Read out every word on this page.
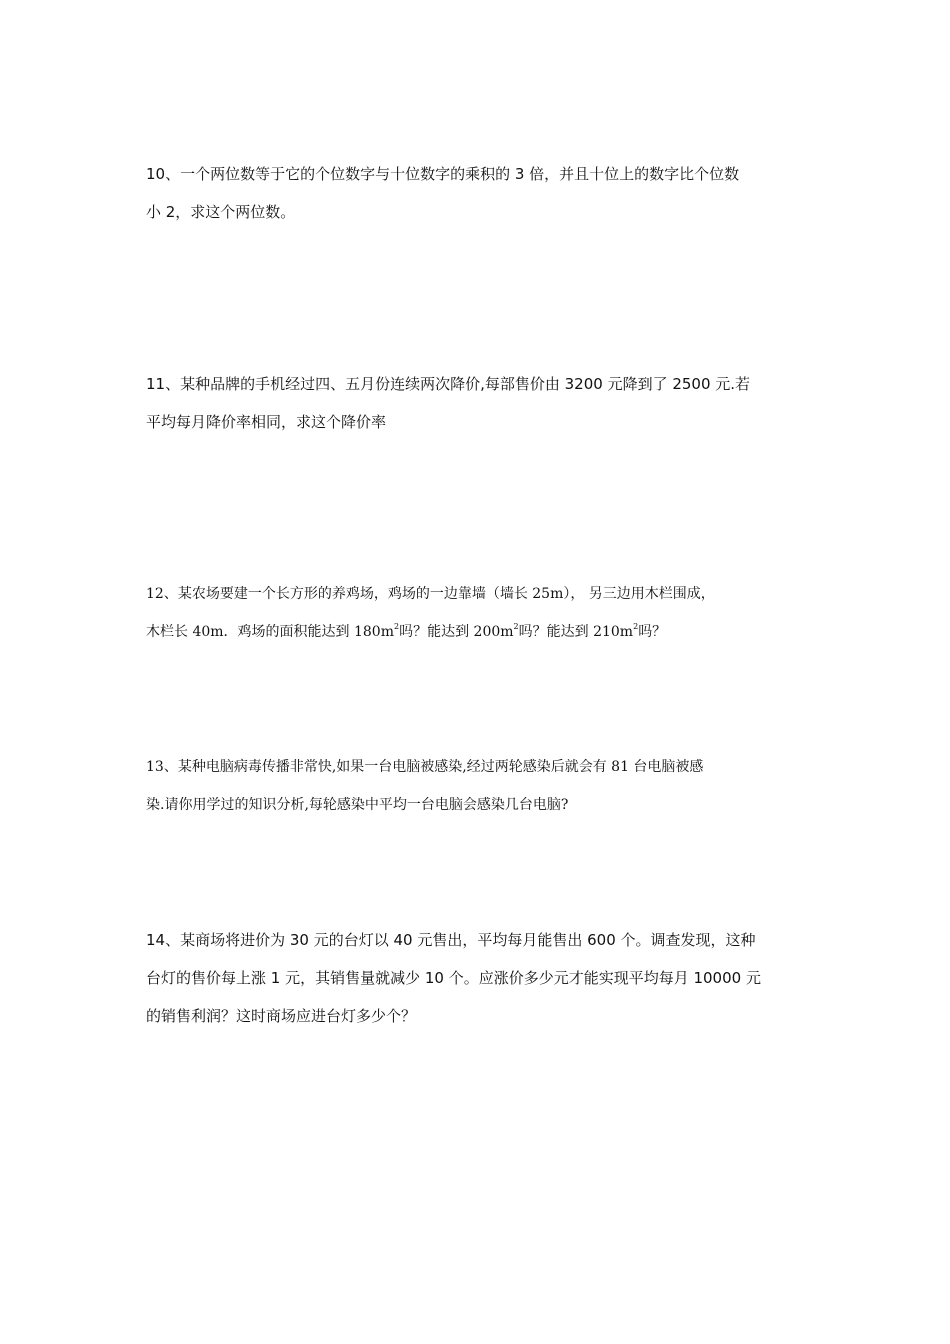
10、一个两位数等于它的个位数字与十位数字的乘积的 3 倍，并且十位上的数字比个位数
小 2，求这个两位数。
11、某种品牌的手机经过四、五月份连续两次降价,每部售价由 3200 元降到了 2500 元.若
平均每月降价率相同，求这个降价率
12、某农场要建一个长方形的养鸡场，鸡场的一边靠墙（墙长 25m）， 另三边用木栏围成，
木栏长 40m．鸡场的面积能达到 $180m^2$吗？能达到 $200m^2$吗？能达到 $210m^2$吗？
13、某种电脑病毒传播非常快,如果一台电脑被感染,经过两轮感染后就会有 81 台电脑被感
染.请你用学过的知识分析,每轮感染中平均一台电脑会感染几台电脑?
14、某商场将进价为 30 元的台灯以 40 元售出，平均每月能售出 600 个。调查发现，这种
台灯的售价每上涨 1 元，其销售量就减少 10 个。应涨价多少元才能实现平均每月 10000 元
的销售利润？这时商场应进台灯多少个？
